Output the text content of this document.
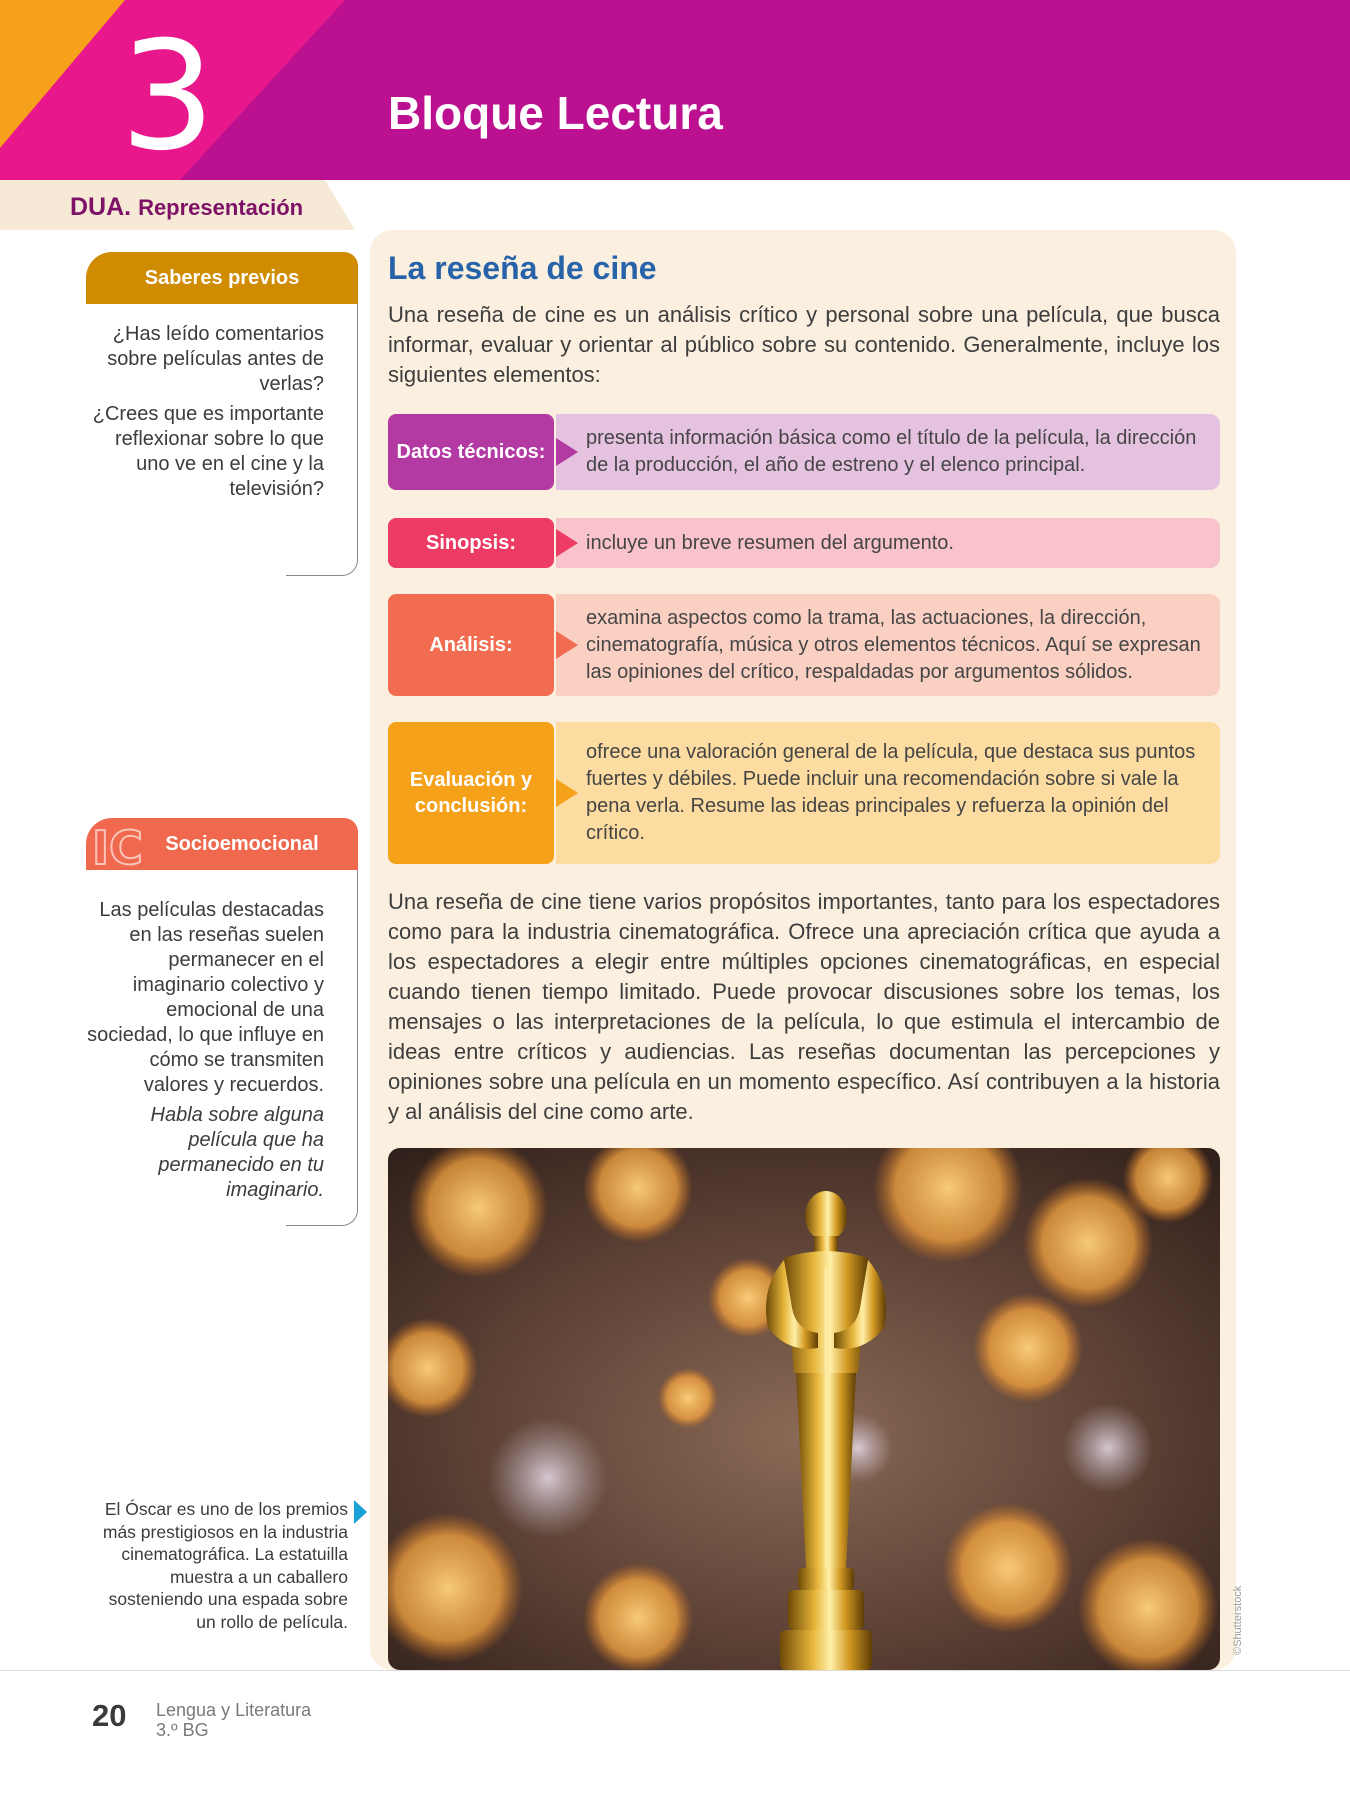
3	Bloque Lectura
DUA. Representación
Saberes previos

¿Has leído comentarios sobre películas antes de verlas?

¿Crees que es importante reflexionar sobre lo que uno ve en el cine y la televisión?

Socioemocional
IC

Las películas destacadas en las reseñas suelen permanecer en el imaginario colectivo y emocional de una sociedad, lo que influye en cómo se transmiten valores y recuerdos.

Habla sobre alguna película que ha permanecido en tu imaginario.

La reseña de cine

Una reseña de cine es un análisis crítico y personal sobre una película, que busca informar, evaluar y orientar al público sobre su contenido. Generalmente, incluye los siguientes elementos:

Datos técnicos:
presenta información básica como el título de la película, la dirección de la producción, el año de estreno y el elenco principal.
Sinopsis:	incluye un breve resumen del argumento.
Análisis:
examina aspectos como la trama, las actuaciones, la dirección, cinematografía, música y otros elementos técnicos. Aquí se expresan las opiniones del crítico, respaldadas por argumentos sólidos.
Evaluación y conclusión:
ofrece una valoración general de la película, que destaca sus puntos fuertes y débiles. Puede incluir una recomendación sobre si vale la pena verla. Resume las ideas principales y refuerza la opinión del crítico.

Una reseña de cine tiene varios propósitos importantes, tanto para los espectadores como para la industria cinematográfica. Ofrece una apreciación crítica que ayuda a los espectadores a elegir entre múltiples opciones cinematográficas, en especial cuando tienen tiempo limitado. Puede provocar discusiones sobre los temas, los mensajes o las interpretaciones de la película, lo que estimula el intercambio de ideas entre críticos y audiencias. Las reseñas documentan las percepciones y opiniones sobre una película en un momento específico. Así contribuyen a la historia y al análisis del cine como arte.

©Shutterstock

El Óscar es uno de los premios más prestigiosos en la industria cinematográfica. La estatuilla muestra a un caballero sosteniendo una espada sobre un rollo de película.

20 Lengua y Literatura
3.º BG
